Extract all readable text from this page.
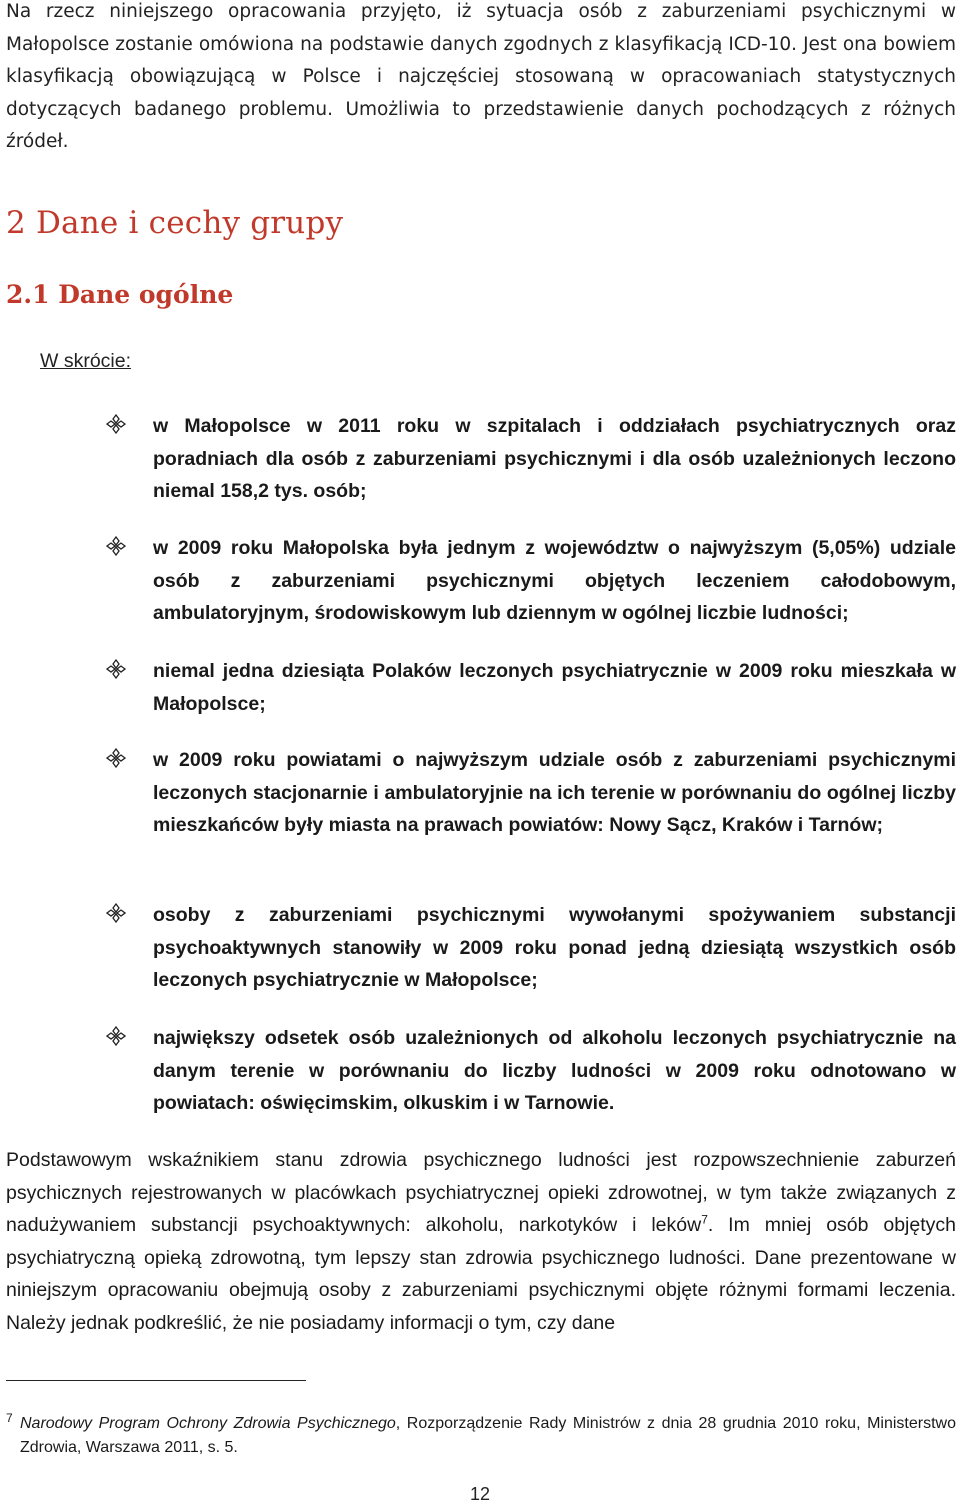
Na rzecz niniejszego opracowania przyjęto, iż sytuacja osób z zaburzeniami psychicznymi w Małopolsce zostanie omówiona na podstawie danych zgodnych z klasyfikacją ICD-10. Jest ona bowiem klasyfikacją obowiązującą w Polsce i najczęściej stosowaną w opracowaniach statystycznych dotyczących badanego problemu. Umożliwia to przedstawienie danych pochodzących z różnych źródeł.

2 Dane i cechy grupy
2.1 Dane ogólne

W skrócie:

w Małopolsce w 2011 roku w szpitalach i oddziałach psychiatrycznych oraz poradniach dla osób z zaburzeniami psychicznymi i dla osób uzależnionych leczono niemal 158,2 tys. osób;

w 2009 roku Małopolska była jednym z województw o najwyższym (5,05%) udziale osób z zaburzeniami psychicznymi objętych leczeniem całodobowym, ambulatoryjnym, środowiskowym lub dziennym w ogólnej liczbie ludności;

niemal jedna dziesiąta Polaków leczonych psychiatrycznie w 2009 roku mieszkała w Małopolsce;

w 2009 roku powiatami o najwyższym udziale osób z zaburzeniami psychicznymi leczonych stacjonarnie i ambulatoryjnie na ich terenie w porównaniu do ogólnej liczby mieszkańców były miasta na prawach powiatów: Nowy Sącz, Kraków i Tarnów;

osoby z zaburzeniami psychicznymi wywołanymi spożywaniem substancji psychoaktywnych stanowiły w 2009 roku ponad jedną dziesiątą wszystkich osób leczonych psychiatrycznie w Małopolsce;

największy odsetek osób uzależnionych od alkoholu leczonych psychiatrycznie na danym terenie w porównaniu do liczby ludności w 2009 roku odnotowano w powiatach: oświęcimskim, olkuskim i w Tarnowie.

Podstawowym wskaźnikiem stanu zdrowia psychicznego ludności jest rozpowszechnienie zaburzeń psychicznych rejestrowanych w placówkach psychiatrycznej opieki zdrowotnej, w tym także związanych z nadużywaniem substancji psychoaktywnych: alkoholu, narkotyków i leków$^7$. Im mniej osób objętych psychiatryczną opieką zdrowotną, tym lepszy stan zdrowia psychicznego ludności. Dane prezentowane w niniejszym opracowaniu obejmują osoby z zaburzeniami psychicznymi objęte różnymi formami leczenia. Należy jednak podkreślić, że nie posiadamy informacji o tym, czy dane

7 Narodowy Program Ochrony Zdrowia Psychicznego, Rozporządzenie Rady Ministrów z dnia 28 grudnia 2010 roku, Ministerstwo Zdrowia, Warszawa 2011, s. 5.

12
